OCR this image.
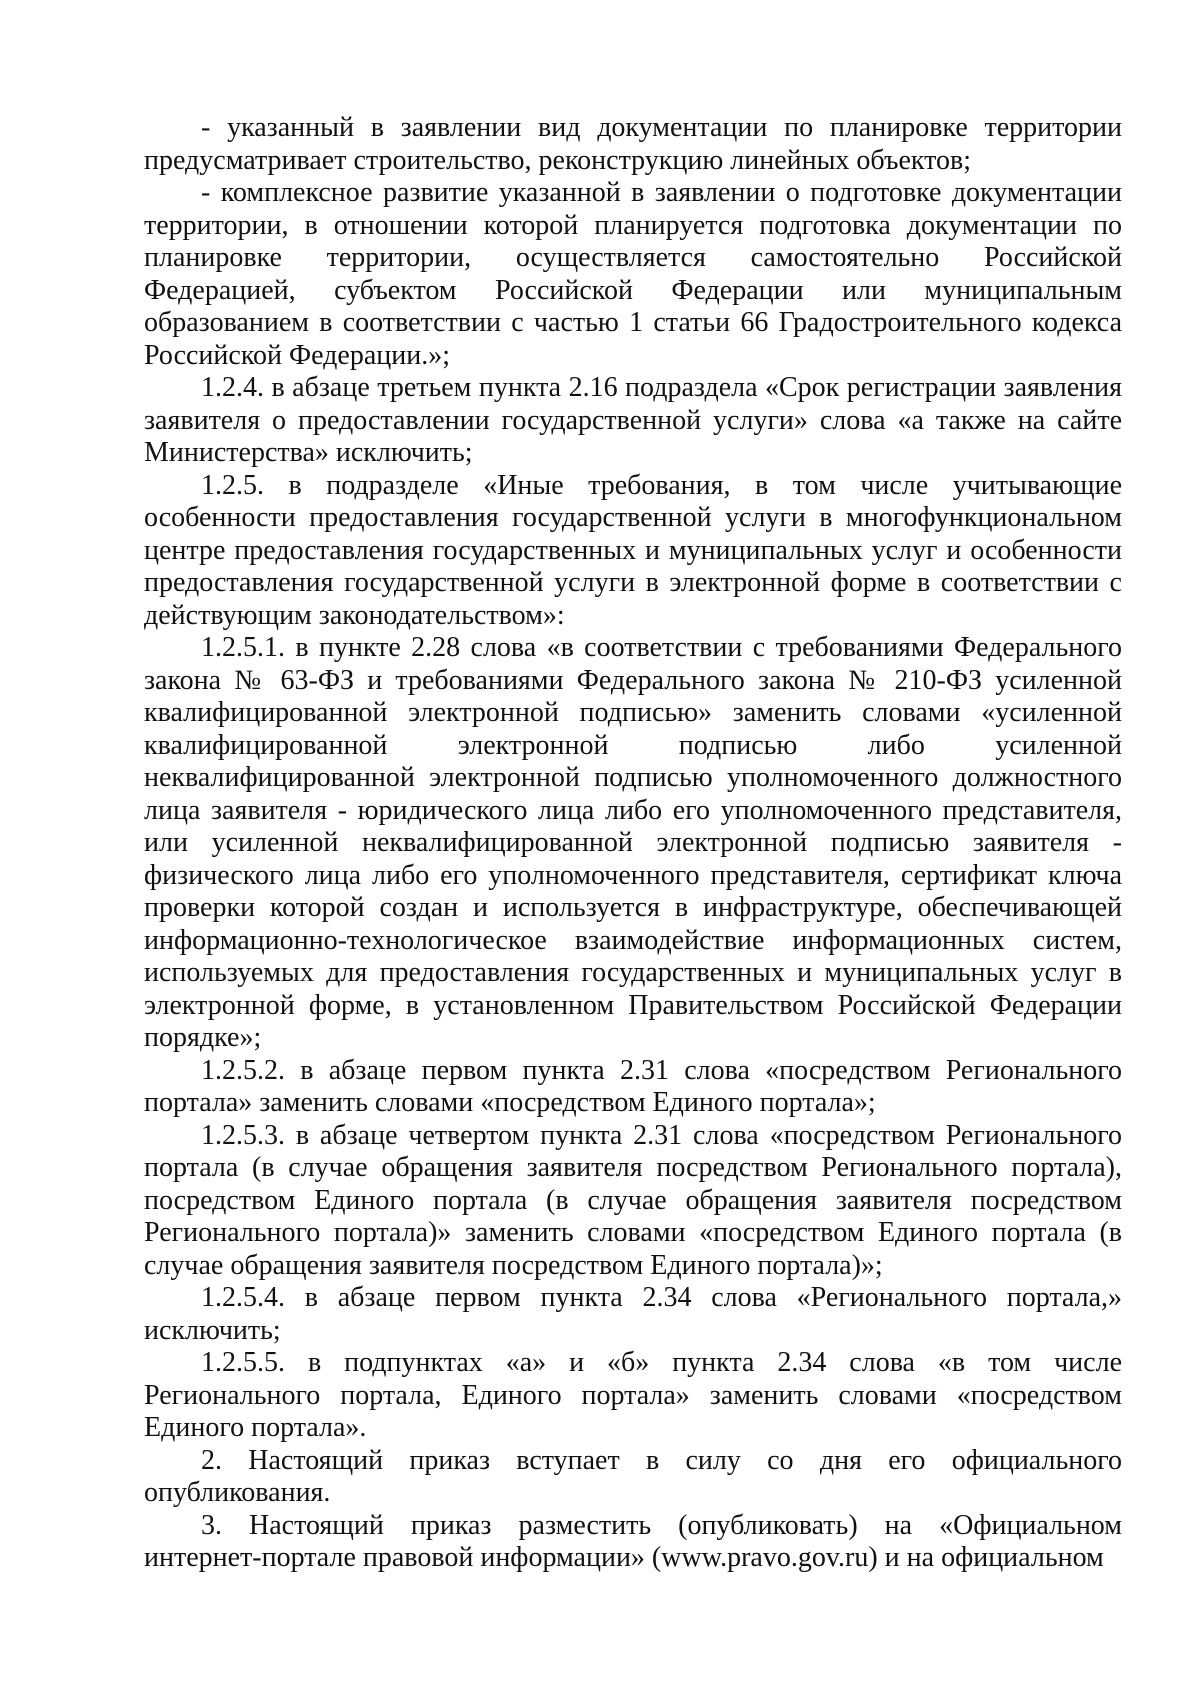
- указанный в заявлении вид документации по планировке территории предусматривает строительство, реконструкцию линейных объектов;

- комплексное развитие указанной в заявлении о подготовке документации территории, в отношении которой планируется подготовка документации по планировке территории, осуществляется самостоятельно Российской Федерацией, субъектом Российской Федерации или муниципальным образованием в соответствии с частью 1 статьи 66 Градостроительного кодекса Российской Федерации.»;

1.2.4. в абзаце третьем пункта 2.16 подраздела «Срок регистрации заявления заявителя о предоставлении государственной услуги» слова «а также на сайте Министерства» исключить;

1.2.5. в подразделе «Иные требования, в том числе учитывающие особенности предоставления государственной услуги в многофункциональном центре предоставления государственных и муниципальных услуг и особенности предоставления государственной услуги в электронной форме в соответствии с действующим законодательством»:

1.2.5.1. в пункте 2.28 слова «в соответствии с требованиями Федерального закона № 63-ФЗ и требованиями Федерального закона № 210-ФЗ усиленной квалифицированной электронной подписью» заменить словами «усиленной квалифицированной электронной подписью либо усиленной неквалифицированной электронной подписью уполномоченного должностного лица заявителя - юридического лица либо его уполномоченного представителя, или усиленной неквалифицированной электронной подписью заявителя - физического лица либо его уполномоченного представителя, сертификат ключа проверки которой создан и используется в инфраструктуре, обеспечивающей информационно-технологическое взаимодействие информационных систем, используемых для предоставления государственных и муниципальных услуг в электронной форме, в установленном Правительством Российской Федерации порядке»;

1.2.5.2. в абзаце первом пункта 2.31 слова «посредством Регионального портала» заменить словами «посредством Единого портала»;

1.2.5.3. в абзаце четвертом пункта 2.31 слова «посредством Регионального портала (в случае обращения заявителя посредством Регионального портала), посредством Единого портала (в случае обращения заявителя посредством Регионального портала)» заменить словами «посредством Единого портала (в случае обращения заявителя посредством Единого портала)»;

1.2.5.4. в абзаце первом пункта 2.34 слова «Регионального портала,» исключить;

1.2.5.5. в подпунктах «а» и «б» пункта 2.34 слова «в том числе Регионального портала, Единого портала» заменить словами «посредством Единого портала».

2. Настоящий приказ вступает в силу со дня его официального опубликования.

3. Настоящий приказ разместить (опубликовать) на «Официальном интернет-портале правовой информации» (www.pravo.gov.ru) и на официальном
